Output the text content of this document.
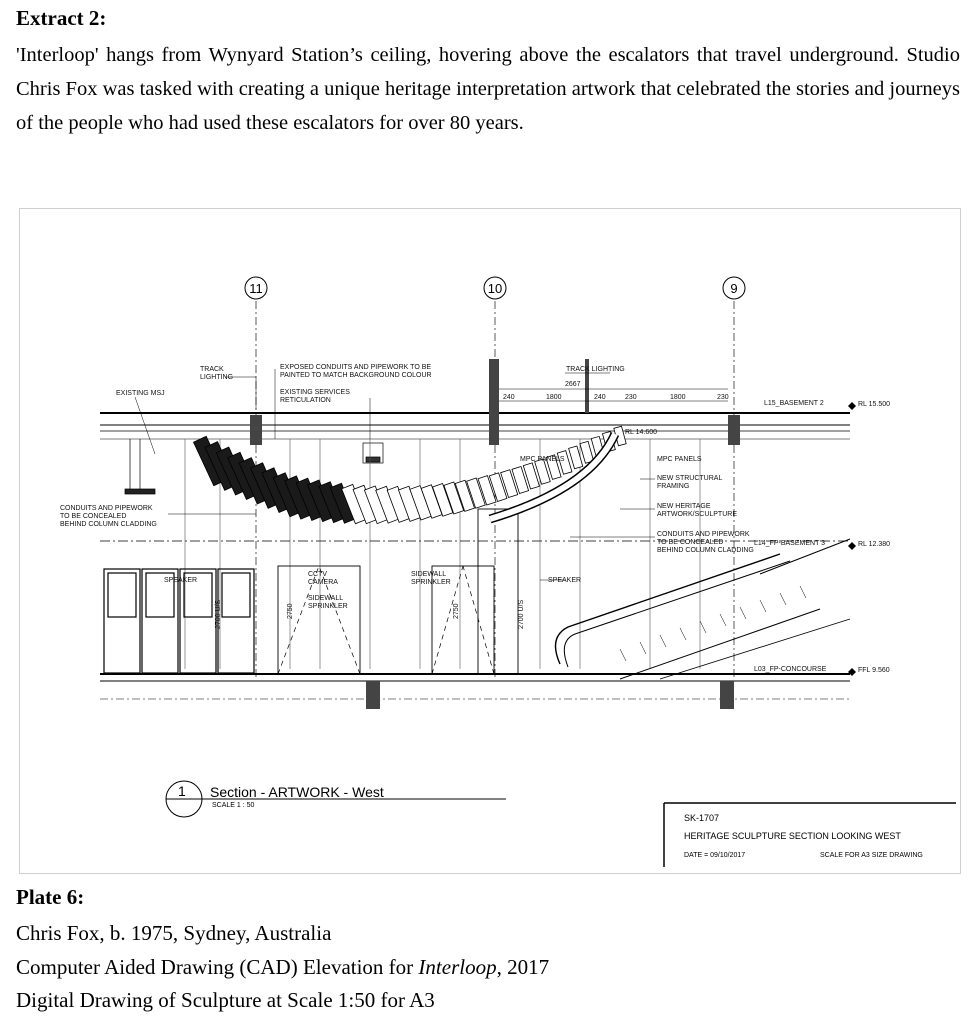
Extract 2:
'Interloop' hangs from Wynyard Station’s ceiling, hovering above the escalators that travel underground. Studio Chris Fox was tasked with creating a unique heritage interpretation artwork that celebrated the stories and journeys of the people who had used these escalators for over 80 years.
11	10	9
TRACK
LIGHTING
EXISTING MSJ
EXPOSED CONDUITS AND PIPEWORK TO BE
PAINTED TO MATCH BACKGROUND COLOUR
EXISTING SERVICES
RETICULATION
TRACK LIGHTING
CONDUITS AND PIPEWORK
TO BE CONCEALED
BEHIND COLUMN CLADDING
MPC PANELS	MPC PANELS
NEW STRUCTURAL
FRAMING
NEW HERITAGE
ARTWORK/SCULPTURE
CONDUITS AND PIPEWORK
TO BE CONCEALED
BEHIND COLUMN CLADDING
SPEAKER
CCTV
CAMERA
SIDEWALL
SPRINKLER
SIDEWALL
SPRINKLER	SPEAKER
2667
240	1800	240	230	1800	230
RL 14.600
2700 U/S	2750	2750	2700 U/S
L15_BASEMENT 2	RL 15.500
L14_FP-BASEMENT 3	RL 12.380
L03_FP-CONCOURSE	FFL 9.560
1 Section - ARTWORK - West
SCALE 1 : 50
SK-1707
HERITAGE SCULPTURE SECTION LOOKING WEST
DATE = 09/10/2017	SCALE FOR A3 SIZE DRAWING
Plate 6:
Chris Fox, b. 1975, Sydney, Australia
Computer Aided Drawing (CAD) Elevation for Interloop, 2017
Digital Drawing of Sculpture at Scale 1:50 for A3
